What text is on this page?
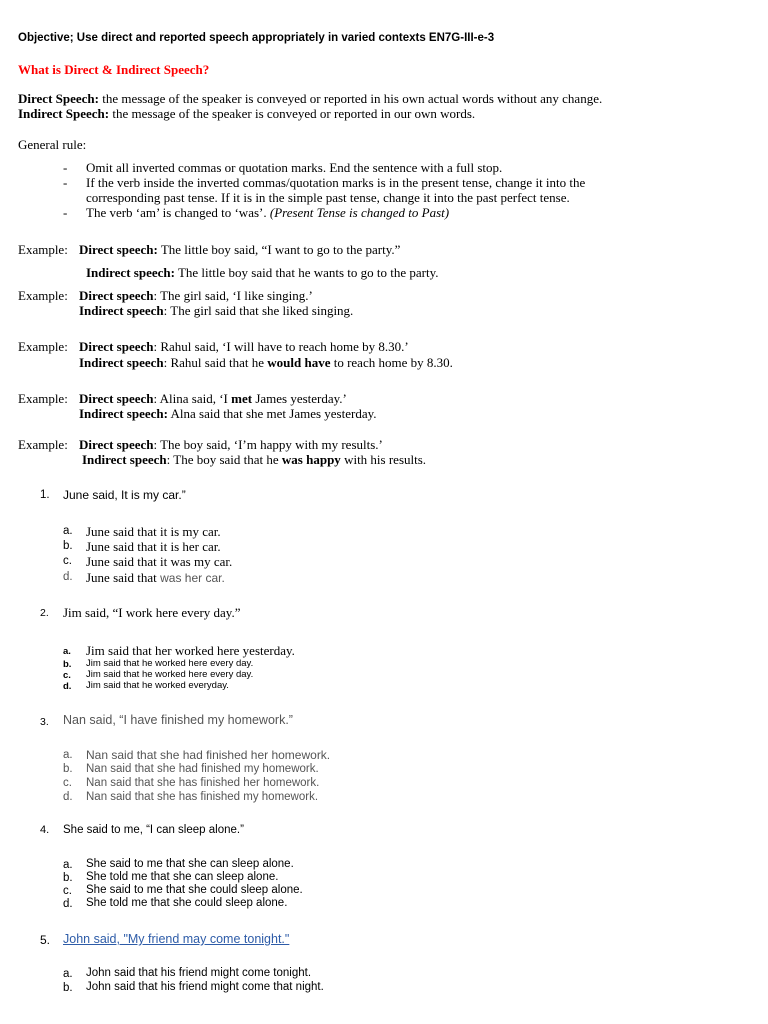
Objective; Use direct and reported speech appropriately in varied contexts EN7G-III-e-3
What is Direct & Indirect Speech?
Direct Speech: the message of the speaker is conveyed or reported in his own actual words without any change.
Indirect Speech: the message of the speaker is conveyed or reported in our own words.
General rule:
- Omit all inverted commas or quotation marks. End the sentence with a full stop.
- If the verb inside the inverted commas/quotation marks is in the present tense, change it into the
corresponding past tense. If it is in the simple past tense, change it into the past perfect tense.
- The verb ‘am’ is changed to ‘was’. (Present Tense is changed to Past)
Example: Direct speech: The little boy said, “I want to go to the party.”
Indirect speech: The little boy said that he wants to go to the party.
Example: Direct speech: The girl said, ‘I like singing.’
Indirect speech: The girl said that she liked singing.
Example: Direct speech: Rahul said, ‘I will have to reach home by 8.30.’
Indirect speech: Rahul said that he would have to reach home by 8.30.
Example: Direct speech: Alina said, ‘I met James yesterday.’
Indirect speech: Alna said that she met James yesterday.
Example: Direct speech: The boy said, ‘I’m happy with my results.’
Indirect speech: The boy said that he was happy with his results.
1. June said, It is my car.”
a. June said that it is my car.
b. June said that it is her car.
c. June said that it was my car.
d. June said that was her car.
2. Jim said, “I work here every day.”
a. Jim said that her worked here yesterday.
b. Jim said that he worked here every day.
c. Jim said that he worked here every day.
d. Jim said that he worked everyday.
3. Nan said, “I have finished my homework.”
a. Nan said that she had finished her homework.
b. Nan said that she had finished my homework.
c. Nan said that she has finished her homework.
d. Nan said that she has finished my homework.
4. She said to me, “I can sleep alone.”
a. She said to me that she can sleep alone.
b. She told me that she can sleep alone.
c. She said to me that she could sleep alone.
d. She told me that she could sleep alone.
5. John said, "My friend may come tonight."
a. John said that his friend might come tonight.
b. John said that his friend might come that night.
